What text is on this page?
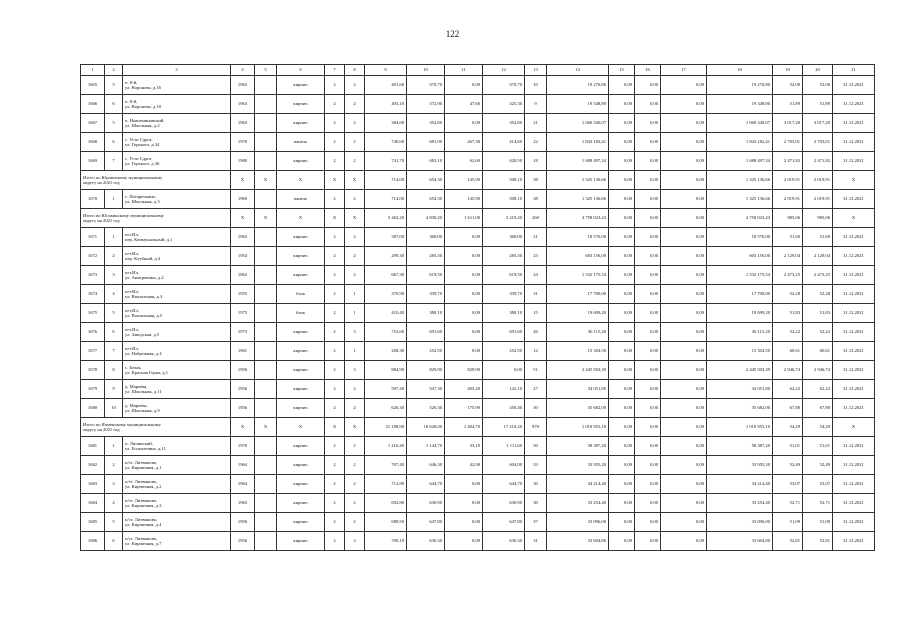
122
1	2	3	4	5	6	7	8	9	10	11	12	13	14	15	16	17	18	19	20	21
1665	5	п. 8-й,
ул. Воронова, д.16	1963		кирпич	2	2	401,60	370,70	0,00	370,70	10	19 276,80	0,00	0,00	0,00	19 276,80	52,00	52,00	31.12.2021
1666	6	п. 8-й,
ул. Воронова, д.18	1963		кирпич	2	2	403,10	372,90	47,60	325,30	9	19 348,80	0,00	0,00	0,00	19 348,80	51,89	51,89	31.12.2021
1667	5	п. Новоеминовский,
ул. Школьная, д.2	1963		кирпич	2	2	384,60	352,60	0,00	352,60	21	1 060 340,07	0,00	0,00	0,00	1 060 340,07	3 017,20	3 017,20	31.12.2021
1668	6	с. Усть-Сдрга,
ул. Горького, д.34	1978		панель	2	2	740,60	681,90	267,30	414,60	22	1 843 182,41	0,00	0,00	0,00	1 843 182,41	2 703,01	2 703,01	31.12.2021
1669	7	с. Усть-Сдрга,
ул. Горького, д.36	1980		кирпич	2	2	741,70	683,10	62,60	620,50	18	1 688 497,34	0,00	0,00	0,00	1 688 497,34	2 471,82	2 471,82	31.12.2021

Итого по Юрлинскому муниципальному
округу на 2021 год			X	X	X	X	X	714,00	654,30	145,90	508,10	38	1 325 136,66	0,00	0,00	0,00	1 325 136,66	2 019,91	2 019,91	X
1670	1	с. Потаречкино,
ул. Школьная, д.3	1969		панель	2	2	714,00	654,30	145,90	508,10	38	1 325 136,66	0,00	0,00	0,00	1 325 136,66	2 019,91	2 019,91	31.12.2021

Итого по Юсьвинскому муниципальному
округу на 2021 год			X	X	X	X	X	5 263,20	4 830,20	1 611,00	3 219,20	260	4 758 023,43	0,00	0,00	0,00	4 758 023,43	985,06	985,06	X
1671	1	пгт.Ил,
пер. Коммунальный, д.1	1963		кирпич	2	2	387,00	360,00	0,00	360,00	21	18 576,00	0,00	0,00	0,00	18 576,00	51,60	51,60	31.12.2021
1672	2	пгт.Ил,
пер. Клубный, д.4	1954		кирпич	2	2	299,30	283,30	0,00	283,30	23	603 156,00	0,00	0,00	0,00	603 156,00	2 129,04	2 129,04	31.12.2021
1673	3	пгт.Ил,
ул. Анисрекина, д.2	1962		кирпич	2	2	667,30	619,50	0,00	619,50	24	1 532 175,54	0,00	0,00	0,00	1 532 175,54	2 473,25	2 473,25	31.12.2021
1674	4	пгт.Ил,
ул. Вокзальная, д.3	1955		блок	2	1	370,90	339,70	0,00	339,70	31	17 700,00	0,00	0,00	0,00	17 700,00	52,28	52,28	31.12.2021
1675	5	пгт.Ил,
ул. Вокзальная, д.5	1975		блок	2	1	410,40	380,10	0,00	380,10	15	19 699,20	0,00	0,00	0,00	19 699,20	51,83	51,83	31.12.2021
1676	6	пгт.Ил,
ул. Заводская, д.5	1973		кирпич	2	3	752,60	691,60	0,00	691,60	26	36 115,20	0,00	0,00	0,00	36 115,20	52,22	52,22	31.12.2021
1677	7	пгт.Ил,
ул. Набрежная, д.4	1961		кирпич	2	1	268,30	252,50	0,00	252,50	12	15 304,50	0,00	0,00	0,00	15 304,50	60,61	60,61	31.12.2021
1678	8	с. Белая,
ул. Красная Горка, д.1	1956		кирпич	2	3	884,90	829,90	829,90	0,00	51	2 445 503,39	0,00	0,00	0,00	2 445 503,39	2 946,74	2 946,74	31.12.2021
1679	9	д. Марьёва,
ул. Школьная, д.11	1956		кирпич	2	2	597,40	547,30	405,20	142,10	27	34 051,80	0,00	0,00	0,00	34 051,80	62,22	62,22	31.12.2021
1680	10	д. Марьёва,
ул. Школьная, д.9	1956		кирпич	2	2	626,30	526,30	175,90	350,40	30	35 682,00	0,00	0,00	0,00	35 682,00	67,80	67,80	31.12.2021

Итого по Ячменскому муниципальному
округу на 2021 год			X	X	X	X	X	21 188,90	18 620,00	1 404,70	17 210,20	970	1 010 955,10	0,00	0,00	0,00	1 010 955,10	54,29	54,29	X
1681	1	п. Личинский,
ул. Большечина, д.11	1978		кирпич	2	2	1 216,40	1 144,70	33,10	1 111,60	50	58 387,20	0,00	0,00	0,00	58 387,20	51,01	51,01	31.12.2021
1682	2	п/ст. Литвиново,
ул. Кирпичная, д.1	1964		кирпич	2	2	707,40	646,30	42,90	604,00	33	33 955,20	0,00	0,00	0,00	33 955,20	52,49	52,49	31.12.2021
1683	3	п/ст. Литвиново,
ул. Кирпичная, д.2	1964		кирпич	2	2	712,80	644,70	0,00	644,70	30	34 214,40	0,00	0,00	0,00	34 214,40	53,07	53,07	31.12.2021
1684	4	п/ст. Литвиново,
ул. Кирпичная, д.3	1963		кирпич	2	2	692,80	630,90	0,00	630,90	30	33 254,40	0,00	0,00	0,00	33 254,40	52,71	52,71	31.12.2021
1685	5	п/ст. Литвиново,
ул. Кирпичная, д.4	1956		кирпич	2	2	689,50	647,80	0,00	647,80	37	33 096,00	0,00	0,00	0,00	33 096,00	51,09	51,09	31.12.2021
1686	6	п/ст. Литвиново,
ул. Кирпичная, д.7	1956		кирпич	2	3	700,10	636,30	0,00	636,30	31	33 604,80	0,00	0,00	0,00	33 604,80	52,81	52,81	31.12.2021
